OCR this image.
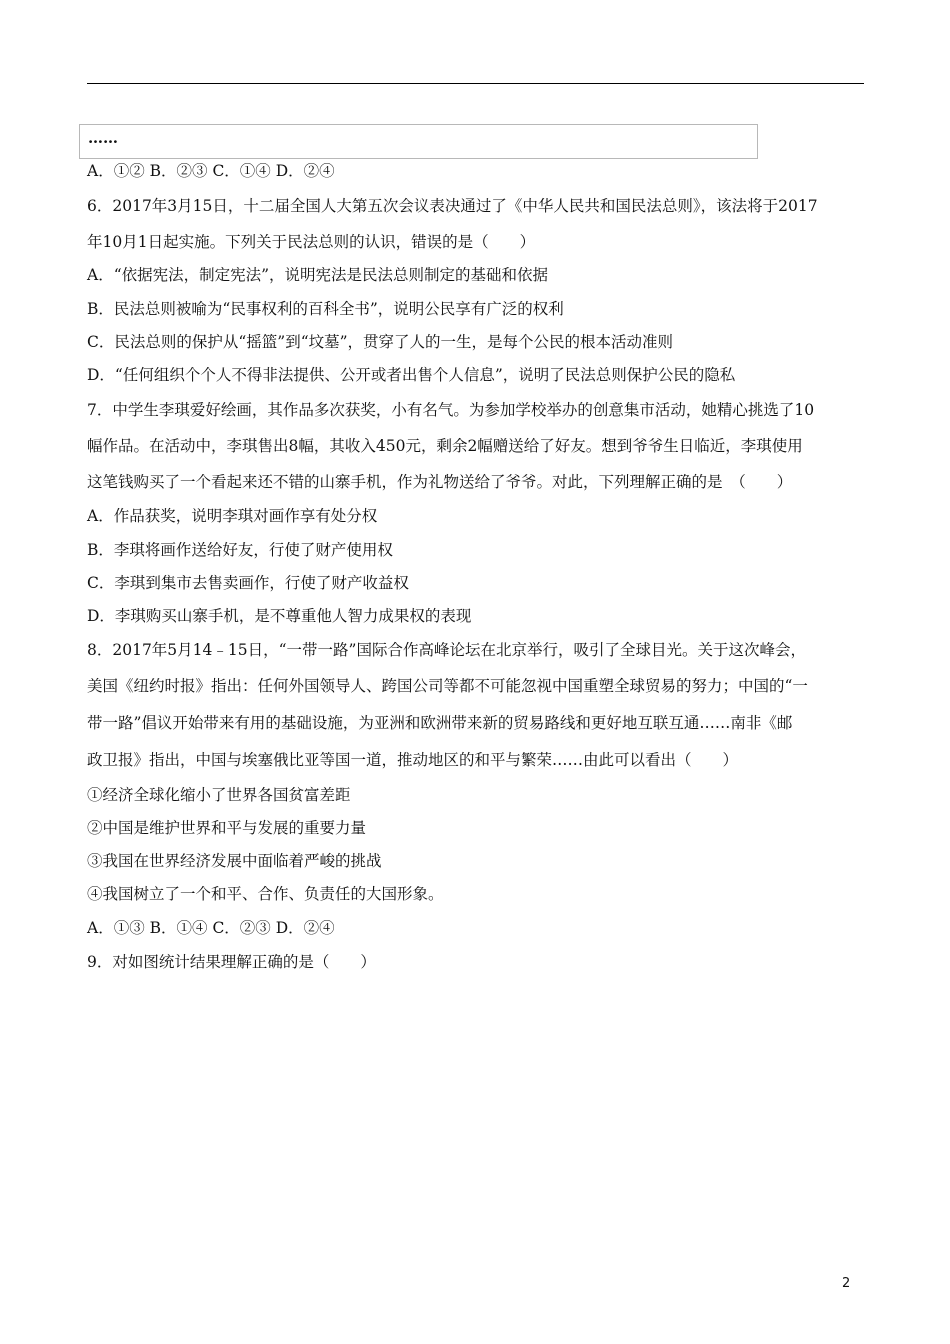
……
A．①② B．②③ C．①④ D．②④
6．2017年3月15日，十二届全国人大第五次会议表决通过了《中华人民共和国民法总则》，该法将于2017
年10月1日起实施。下列关于民法总则的认识，错误的是（　　）
A．“依据宪法，制定宪法”，说明宪法是民法总则制定的基础和依据
B．民法总则被喻为“民事权利的百科全书”，说明公民享有广泛的权利
C．民法总则的保护从“摇篮”到“坟墓”，贯穿了人的一生，是每个公民的根本活动准则
D．“任何组织个个人不得非法提供、公开或者出售个人信息”，说明了民法总则保护公民的隐私
7．中学生李琪爱好绘画，其作品多次获奖，小有名气。为参加学校举办的创意集市活动，她精心挑选了10
幅作品。在活动中，李琪售出8幅，其收入450元，剩余2幅赠送给了好友。想到爷爷生日临近，李琪使用
这笔钱购买了一个看起来还不错的山寨手机，作为礼物送给了爷爷。对此，下列理解正确的是　（　　）
A．作品获奖，说明李琪对画作享有处分权
B．李琪将画作送给好友，行使了财产使用权
C．李琪到集市去售卖画作，行使了财产收益权
D．李琪购买山寨手机，是不尊重他人智力成果权的表现
8．2017年5月14﹣15日，“一带一路”国际合作高峰论坛在北京举行，吸引了全球目光。关于这次峰会，
美国《纽约时报》指出：任何外国领导人、跨国公司等都不可能忽视中国重塑全球贸易的努力；中国的“一
带一路”倡议开始带来有用的基础设施，为亚洲和欧洲带来新的贸易路线和更好地互联互通……南非《邮
政卫报》指出，中国与埃塞俄比亚等国一道，推动地区的和平与繁荣……由此可以看出（　　）
①经济全球化缩小了世界各国贫富差距
②中国是维护世界和平与发展的重要力量
③我国在世界经济发展中面临着严峻的挑战
④我国树立了一个和平、合作、负责任的大国形象。
A．①③ B．①④ C．②③ D．②④
9．对如图统计结果理解正确的是（　　）
2
